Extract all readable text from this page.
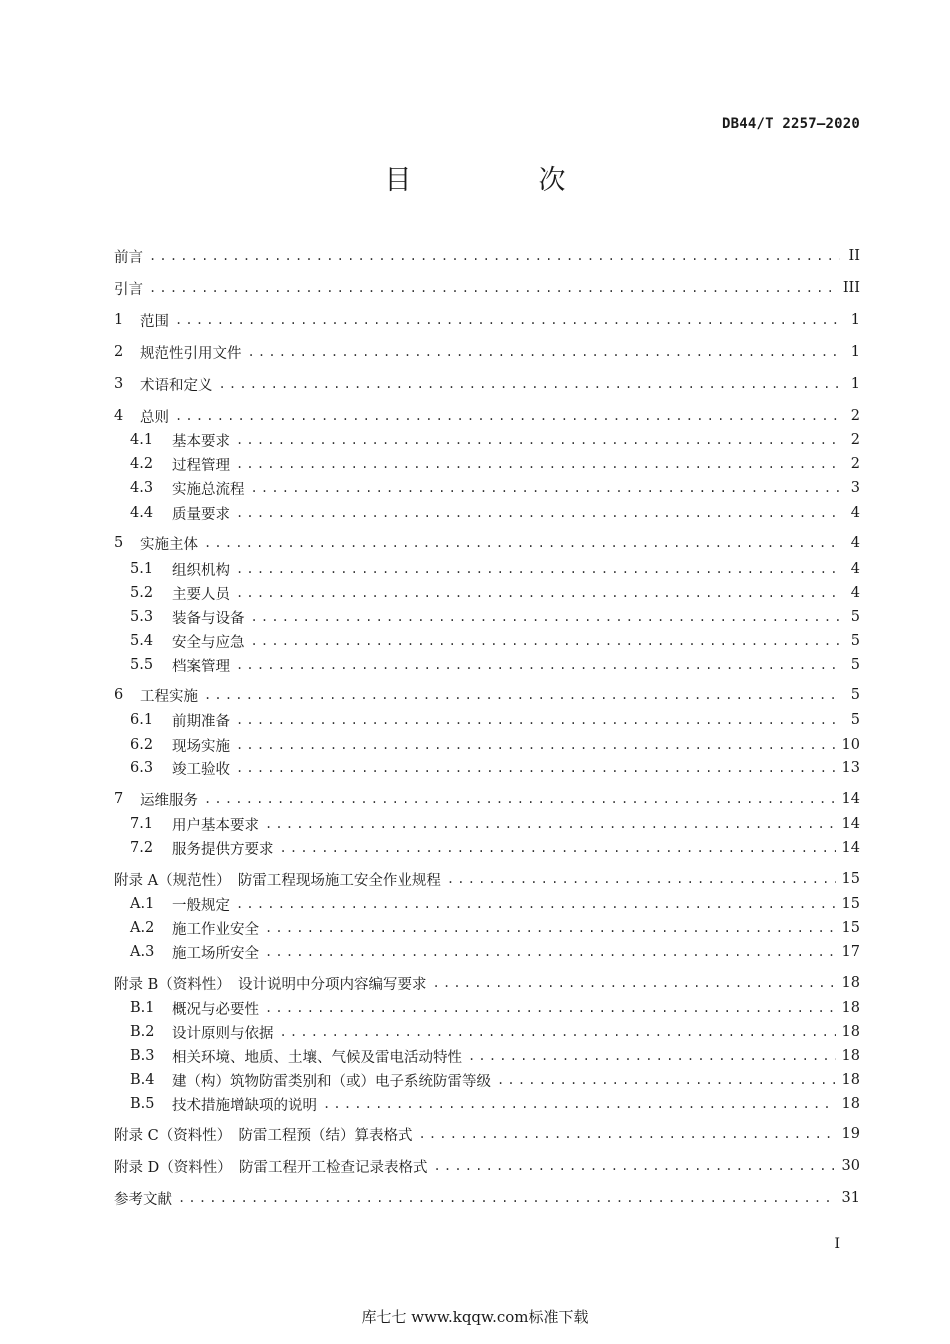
DB44/T 2257—2020
目　次
前言 .....	II
引言 .....	III
1	范围 .....	1
2	规范性引用文件 .....	1
3	术语和定义 .....	1
4	总则 .....	2
4.1	基本要求 .....	2
4.2	过程管理 .....	2
4.3	实施总流程 .....	3
4.4	质量要求 .....	4
5	实施主体 .....	4
5.1	组织机构 .....	4
5.2	主要人员 .....	4
5.3	装备与设备 .....	5
5.4	安全与应急 .....	5
5.5	档案管理 .....	5
6	工程实施 .....	5
6.1	前期准备 .....	5
6.2	现场实施 .....	10
6.3	竣工验收 .....	13
7	运维服务 .....	14
7.1	用户基本要求 .....	14
7.2	服务提供方要求 .....	14
附录 A（规范性）　防雷工程现场施工安全作业规程 .....	15
A.1	一般规定 .....	15
A.2	施工作业安全 .....	15
A.3	施工场所安全 .....	17
附录 B（资料性）　设计说明中分项内容编写要求 .....	18
B.1	概况与必要性 .....	18
B.2	设计原则与依据 .....	18
B.3	相关环境、地质、土壤、气候及雷电活动特性 .....	18
B.4	建（构）筑物防雷类别和（或）电子系统防雷等级 .....	18
B.5	技术措施增缺项的说明 .....	18
附录 C（资料性）　防雷工程预（结）算表格式 .....	19
附录 D（资料性）　防雷工程开工检查记录表格式 .....	30
参考文献 .....	31
I
库七七 www.kqqw.com标准下载
